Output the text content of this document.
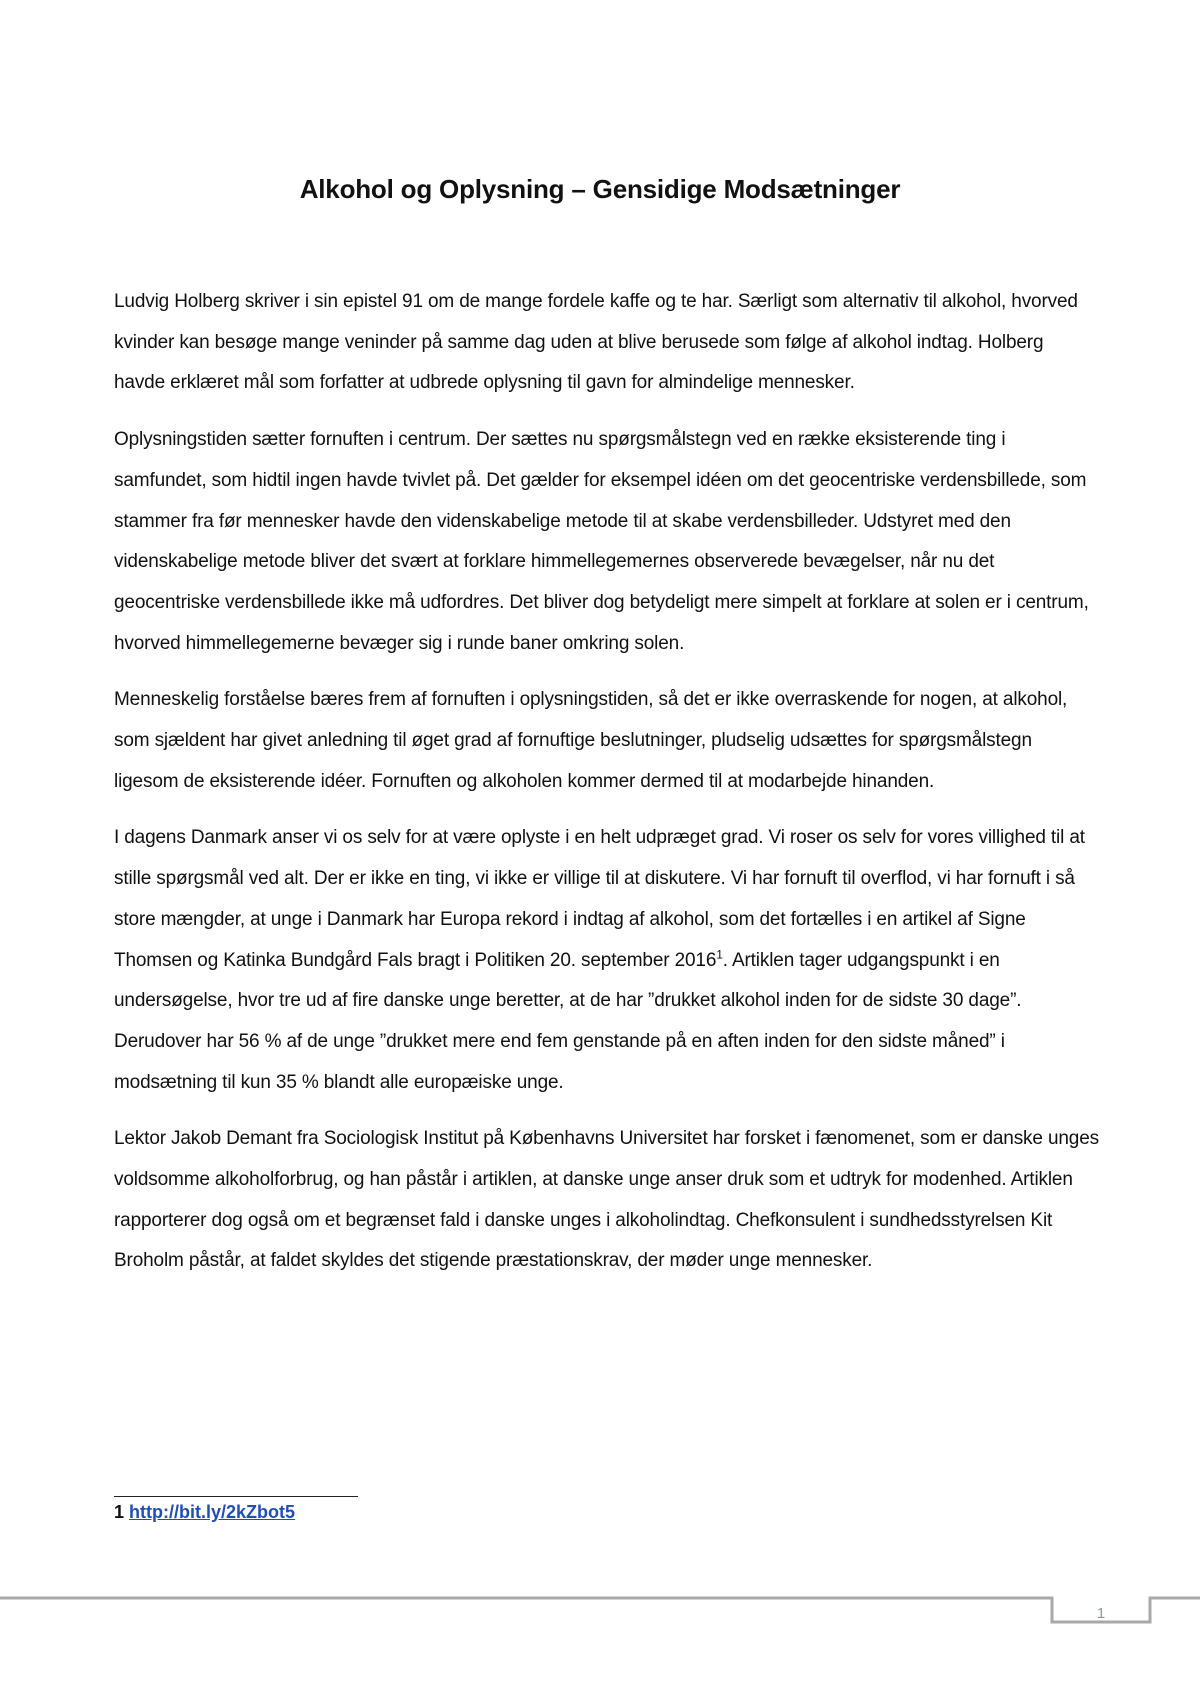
Alkohol og Oplysning – Gensidige Modsætninger

Ludvig Holberg skriver i sin epistel 91 om de mange fordele kaffe og te har. Særligt som alternativ til alkohol, hvorved kvinder kan besøge mange veninder på samme dag uden at blive berusede som følge af alkohol indtag. Holberg havde erklæret mål som forfatter at udbrede oplysning til gavn for almindelige mennesker.

Oplysningstiden sætter fornuften i centrum. Der sættes nu spørgsmålstegn ved en række eksisterende ting i samfundet, som hidtil ingen havde tvivlet på. Det gælder for eksempel idéen om det geocentriske verdensbillede, som stammer fra før mennesker havde den videnskabelige metode til at skabe verdensbilleder. Udstyret med den videnskabelige metode bliver det svært at forklare himmellegemernes observerede bevægelser, når nu det geocentriske verdensbillede ikke må udfordres. Det bliver dog betydeligt mere simpelt at forklare at solen er i centrum, hvorved himmellegemerne bevæger sig i runde baner omkring solen.

Menneskelig forståelse bæres frem af fornuften i oplysningstiden, så det er ikke overraskende for nogen, at alkohol, som sjældent har givet anledning til øget grad af fornuftige beslutninger, pludselig udsættes for spørgsmålstegn ligesom de eksisterende idéer. Fornuften og alkoholen kommer dermed til at modarbejde hinanden.

I dagens Danmark anser vi os selv for at være oplyste i en helt udpræget grad. Vi roser os selv for vores villighed til at stille spørgsmål ved alt. Der er ikke en ting, vi ikke er villige til at diskutere. Vi har fornuft til overflod, vi har fornuft i så store mængder, at unge i Danmark har Europa rekord i indtag af alkohol, som det fortælles i en artikel af Signe Thomsen og Katinka Bundgård Fals bragt i Politiken 20. september 2016$^1$. Artiklen tager udgangspunkt i en undersøgelse, hvor tre ud af fire danske unge beretter, at de har ”drukket alkohol inden for de sidste 30 dage”. Derudover har 56 % af de unge ”drukket mere end fem genstande på en aften inden for den sidste måned” i modsætning til kun 35 % blandt alle europæiske unge.

Lektor Jakob Demant fra Sociologisk Institut på Københavns Universitet har forsket i fænomenet, som er danske unges voldsomme alkoholforbrug, og han påstår i artiklen, at danske unge anser druk som et udtryk for modenhed. Artiklen rapporterer dog også om et begrænset fald i danske unges i alkoholindtag. Chefkonsulent i sundhedsstyrelsen Kit Broholm påstår, at faldet skyldes det stigende præstationskrav, der møder unge mennesker.

1 http://bit.ly/2kZbot5
1
